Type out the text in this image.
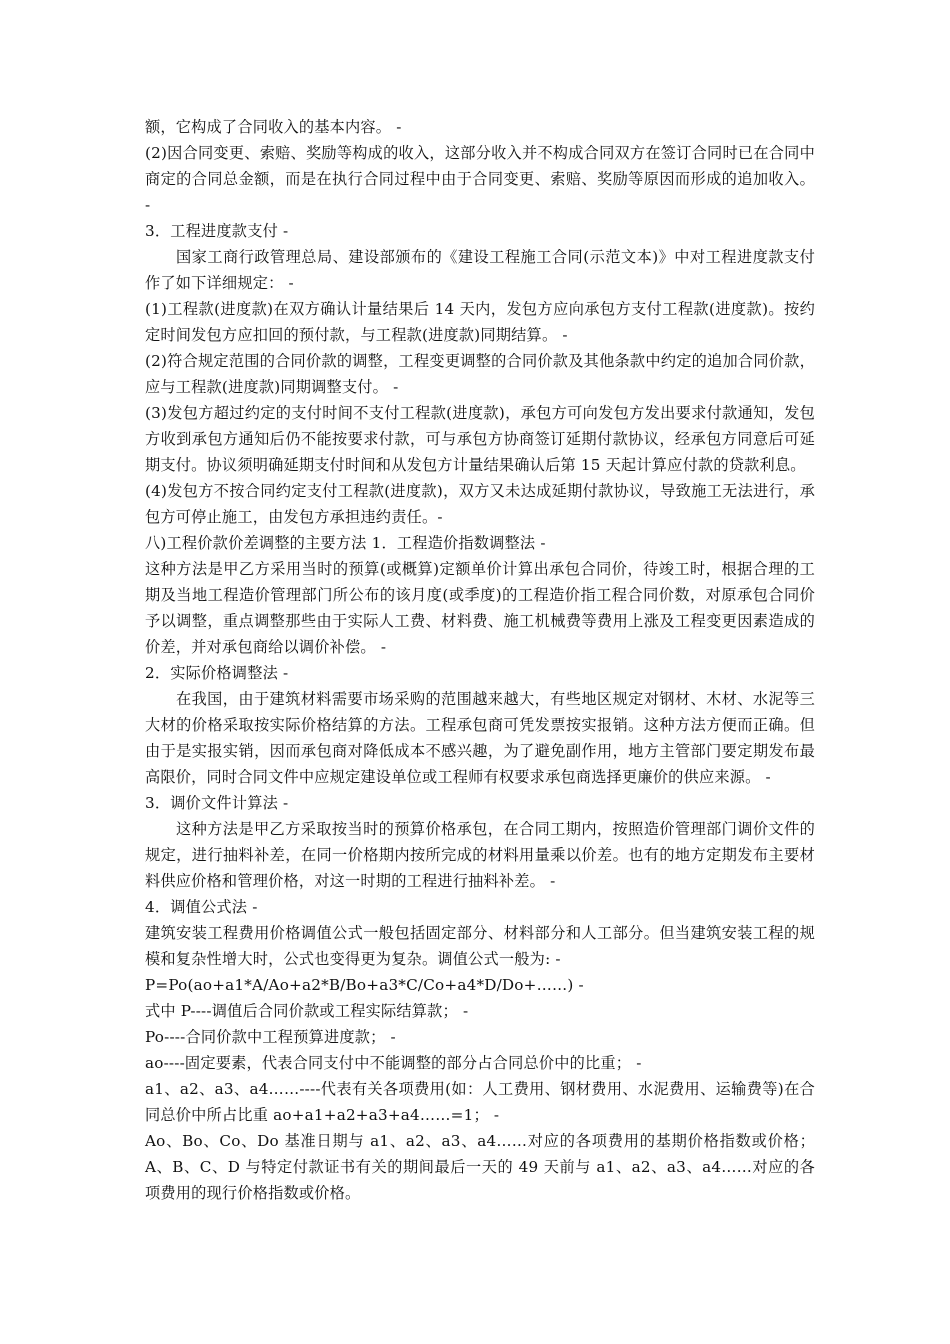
额，它构成了合同收入的基本内容。 -

(2)因合同变更、索赔、奖励等构成的收入，这部分收入并不构成合同双方在签订合同时已在合同中商定的合同总金额，而是在执行合同过程中由于合同变更、索赔、奖励等原因而形成的追加收入。 -

3．工程进度款支付 -

国家工商行政管理总局、建设部颁布的《建设工程施工合同(示范文本)》中对工程进度款支付作了如下详细规定： -

(1)工程款(进度款)在双方确认计量结果后 14 天内，发包方应向承包方支付工程款(进度款)。按约定时间发包方应扣回的预付款，与工程款(进度款)同期结算。 -

(2)符合规定范围的合同价款的调整，工程变更调整的合同价款及其他条款中约定的追加合同价款，应与工程款(进度款)同期调整支付。 -

(3)发包方超过约定的支付时间不支付工程款(进度款)，承包方可向发包方发出要求付款通知，发包方收到承包方通知后仍不能按要求付款，可与承包方协商签订延期付款协议，经承包方同意后可延期支付。协议须明确延期支付时间和从发包方计量结果确认后第 15 天起计算应付款的贷款利息。

(4)发包方不按合同约定支付工程款(进度款)，双方又未达成延期付款协议，导致施工无法进行，承包方可停止施工，由发包方承担违约责任。-

八)工程价款价差调整的主要方法 1．工程造价指数调整法 -

这种方法是甲乙方采用当时的预算(或概算)定额单价计算出承包合同价，待竣工时，根据合理的工期及当地工程造价管理部门所公布的该月度(或季度)的工程造价指工程合同价数，对原承包合同价予以调整，重点调整那些由于实际人工费、材料费、施工机械费等费用上涨及工程变更因素造成的价差，并对承包商给以调价补偿。 -

2．实际价格调整法 -

在我国，由于建筑材料需要市场采购的范围越来越大，有些地区规定对钢材、木材、水泥等三大材的价格采取按实际价格结算的方法。工程承包商可凭发票按实报销。这种方法方便而正确。但由于是实报实销，因而承包商对降低成本不感兴趣，为了避免副作用，地方主管部门要定期发布最高限价，同时合同文件中应规定建设单位或工程师有权要求承包商选择更廉价的供应来源。 -

3．调价文件计算法 -

这种方法是甲乙方采取按当时的预算价格承包，在合同工期内，按照造价管理部门调价文件的规定，进行抽料补差，在同一价格期内按所完成的材料用量乘以价差。也有的地方定期发布主要材料供应价格和管理价格，对这一时期的工程进行抽料补差。 -

4．调值公式法 -

建筑安装工程费用价格调值公式一般包括固定部分、材料部分和人工部分。但当建筑安装工程的规模和复杂性增大时，公式也变得更为复杂。调值公式一般为: -

P=Po(ao+a1*A/Ao+a2*B/Bo+a3*C/Co+a4*D/Do+……) -

式中 P----调值后合同价款或工程实际结算款； -

Po----合同价款中工程预算进度款； -

ao----固定要素，代表合同支付中不能调整的部分占合同总价中的比重； -

a1、a2、a3、a4……----代表有关各项费用(如：人工费用、钢材费用、水泥费用、运输费等)在合同总价中所占比重 ao+a1+a2+a3+a4……=1； -

Ao、Bo、Co、Do 基准日期与 a1、a2、a3、a4……对应的各项费用的基期价格指数或价格；A、B、C、D 与特定付款证书有关的期间最后一天的 49 天前与 a1、a2、a3、a4……对应的各项费用的现行价格指数或价格。
